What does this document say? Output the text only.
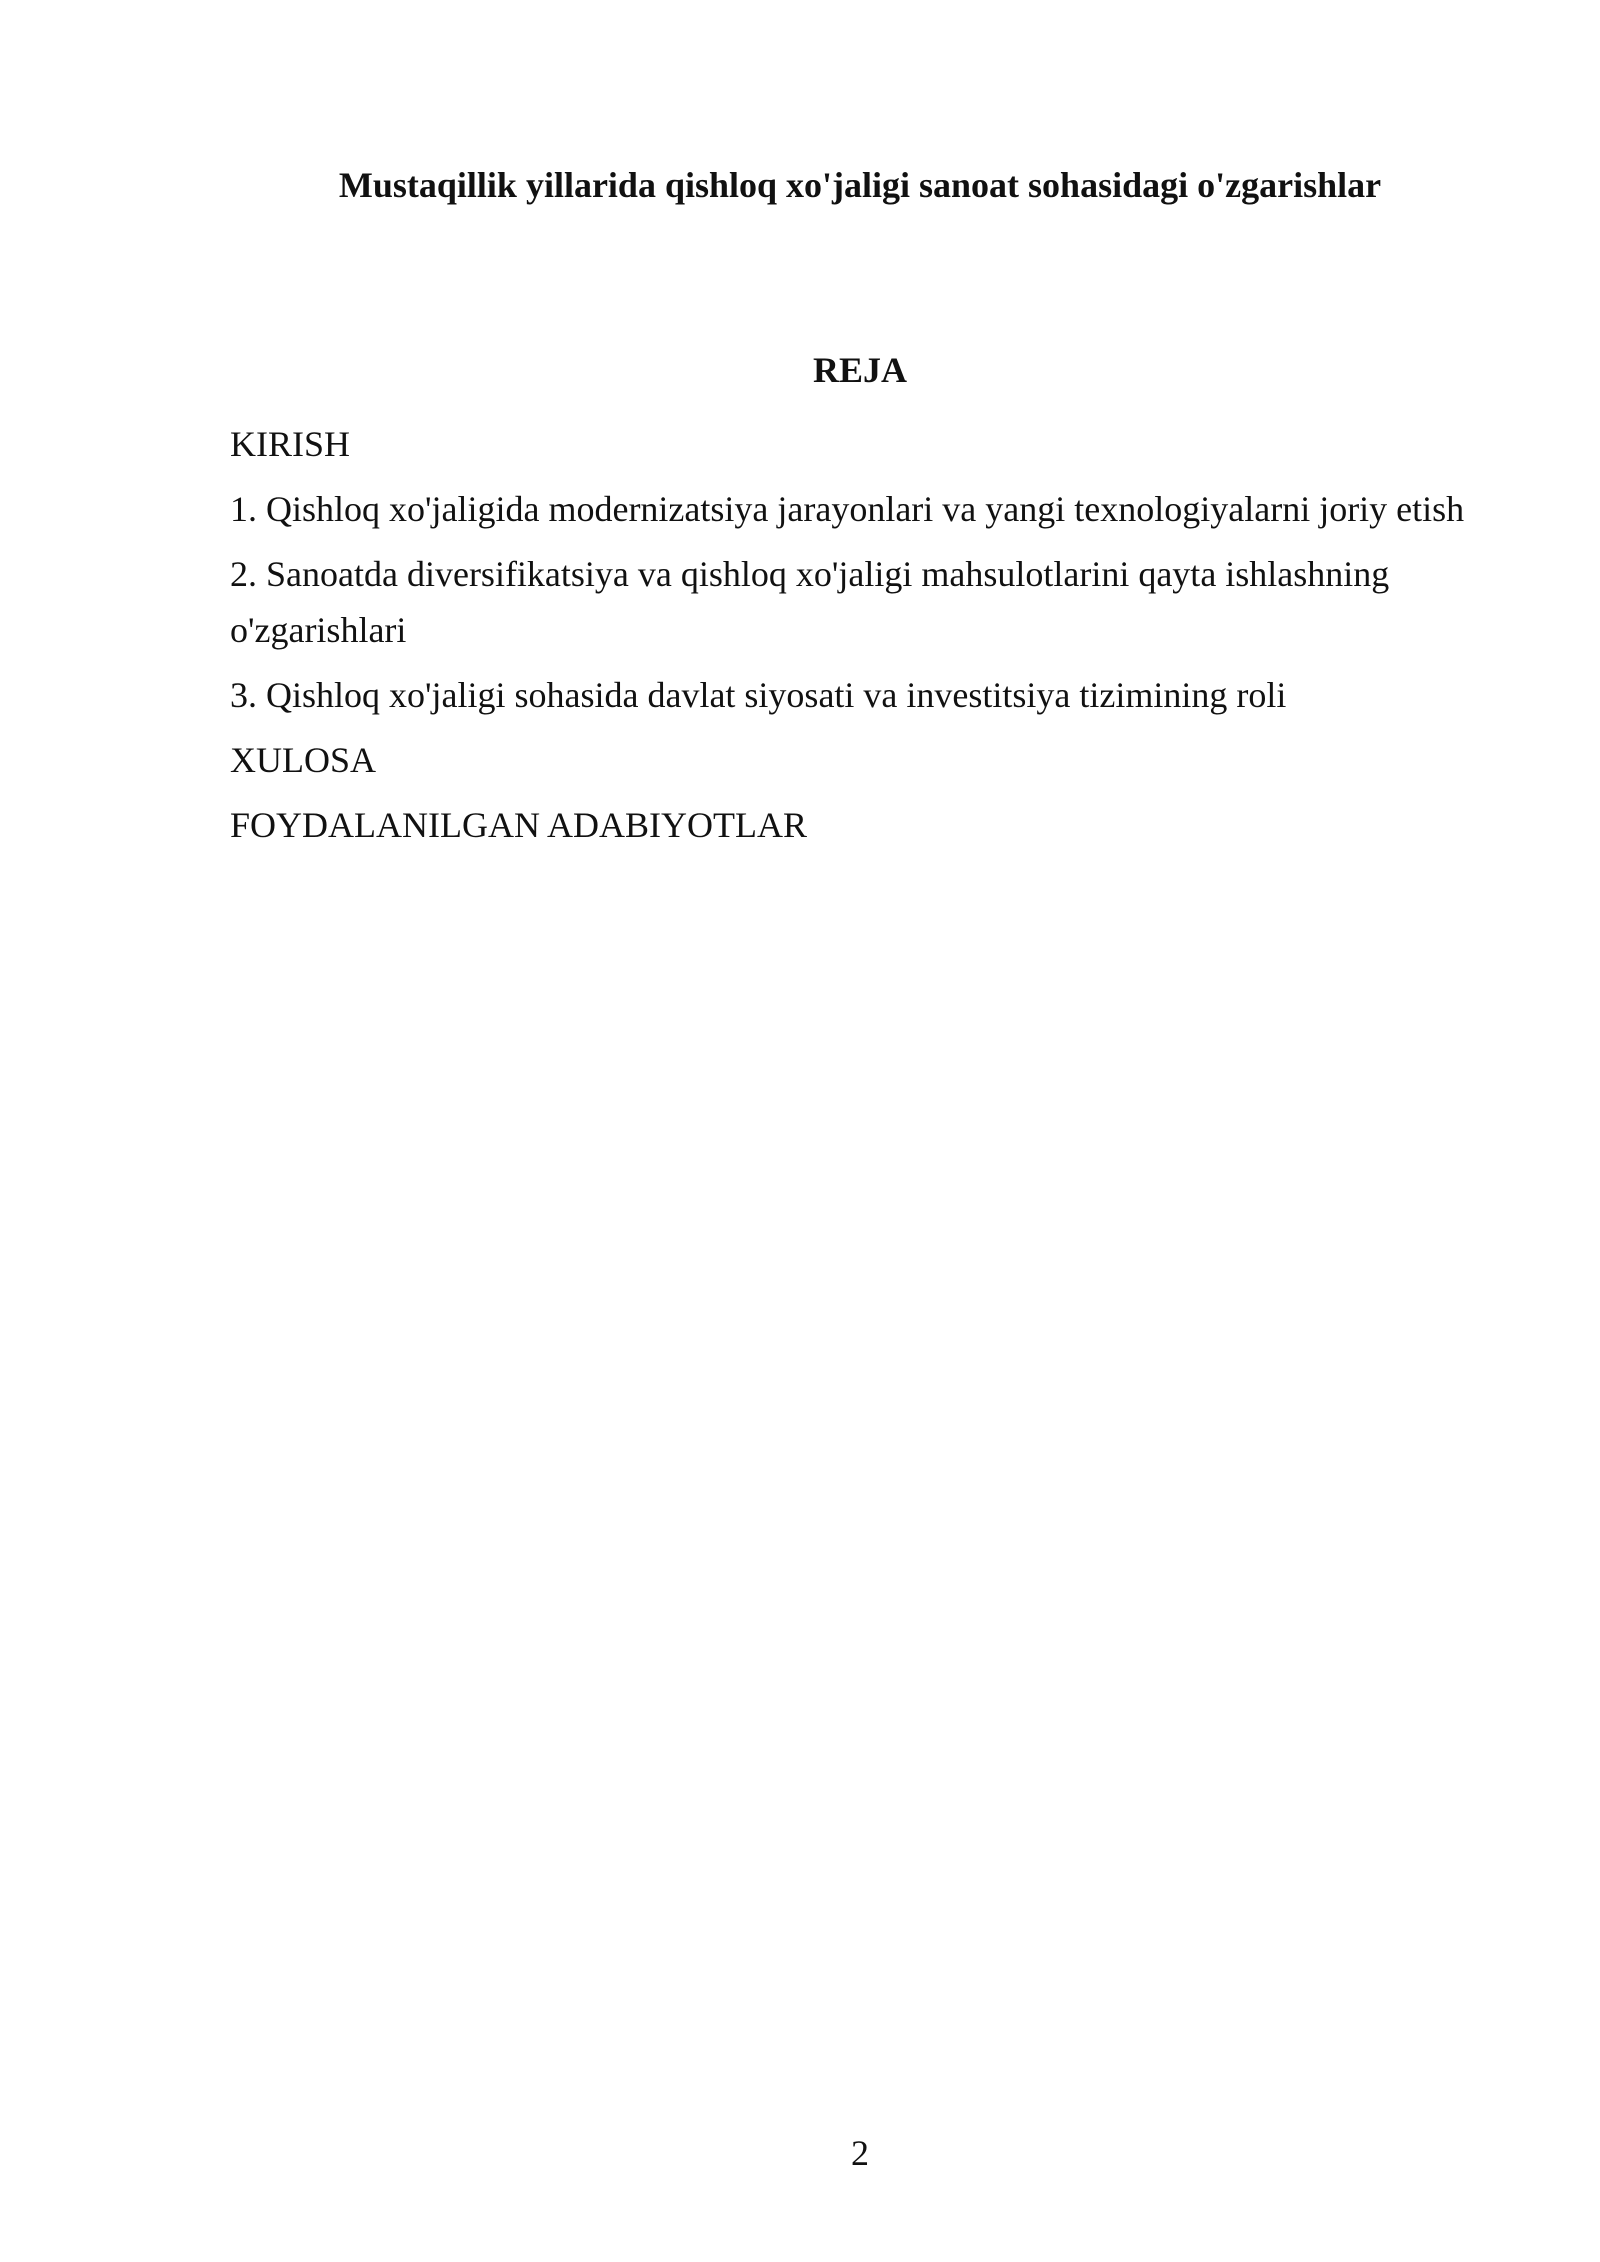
Mustaqillik yillarida qishloq xo'jaligi sanoat sohasidagi o'zgarishlar
REJA
KIRISH
1. Qishloq xo'jaligida modernizatsiya jarayonlari va yangi texnologiyalarni joriy etish
2. Sanoatda diversifikatsiya va qishloq xo'jaligi mahsulotlarini qayta ishlashning o'zgarishlari
3. Qishloq xo'jaligi sohasida davlat siyosati va investitsiya tizimining roli
XULOSA
FOYDALANILGAN ADABIYOTLAR
2
